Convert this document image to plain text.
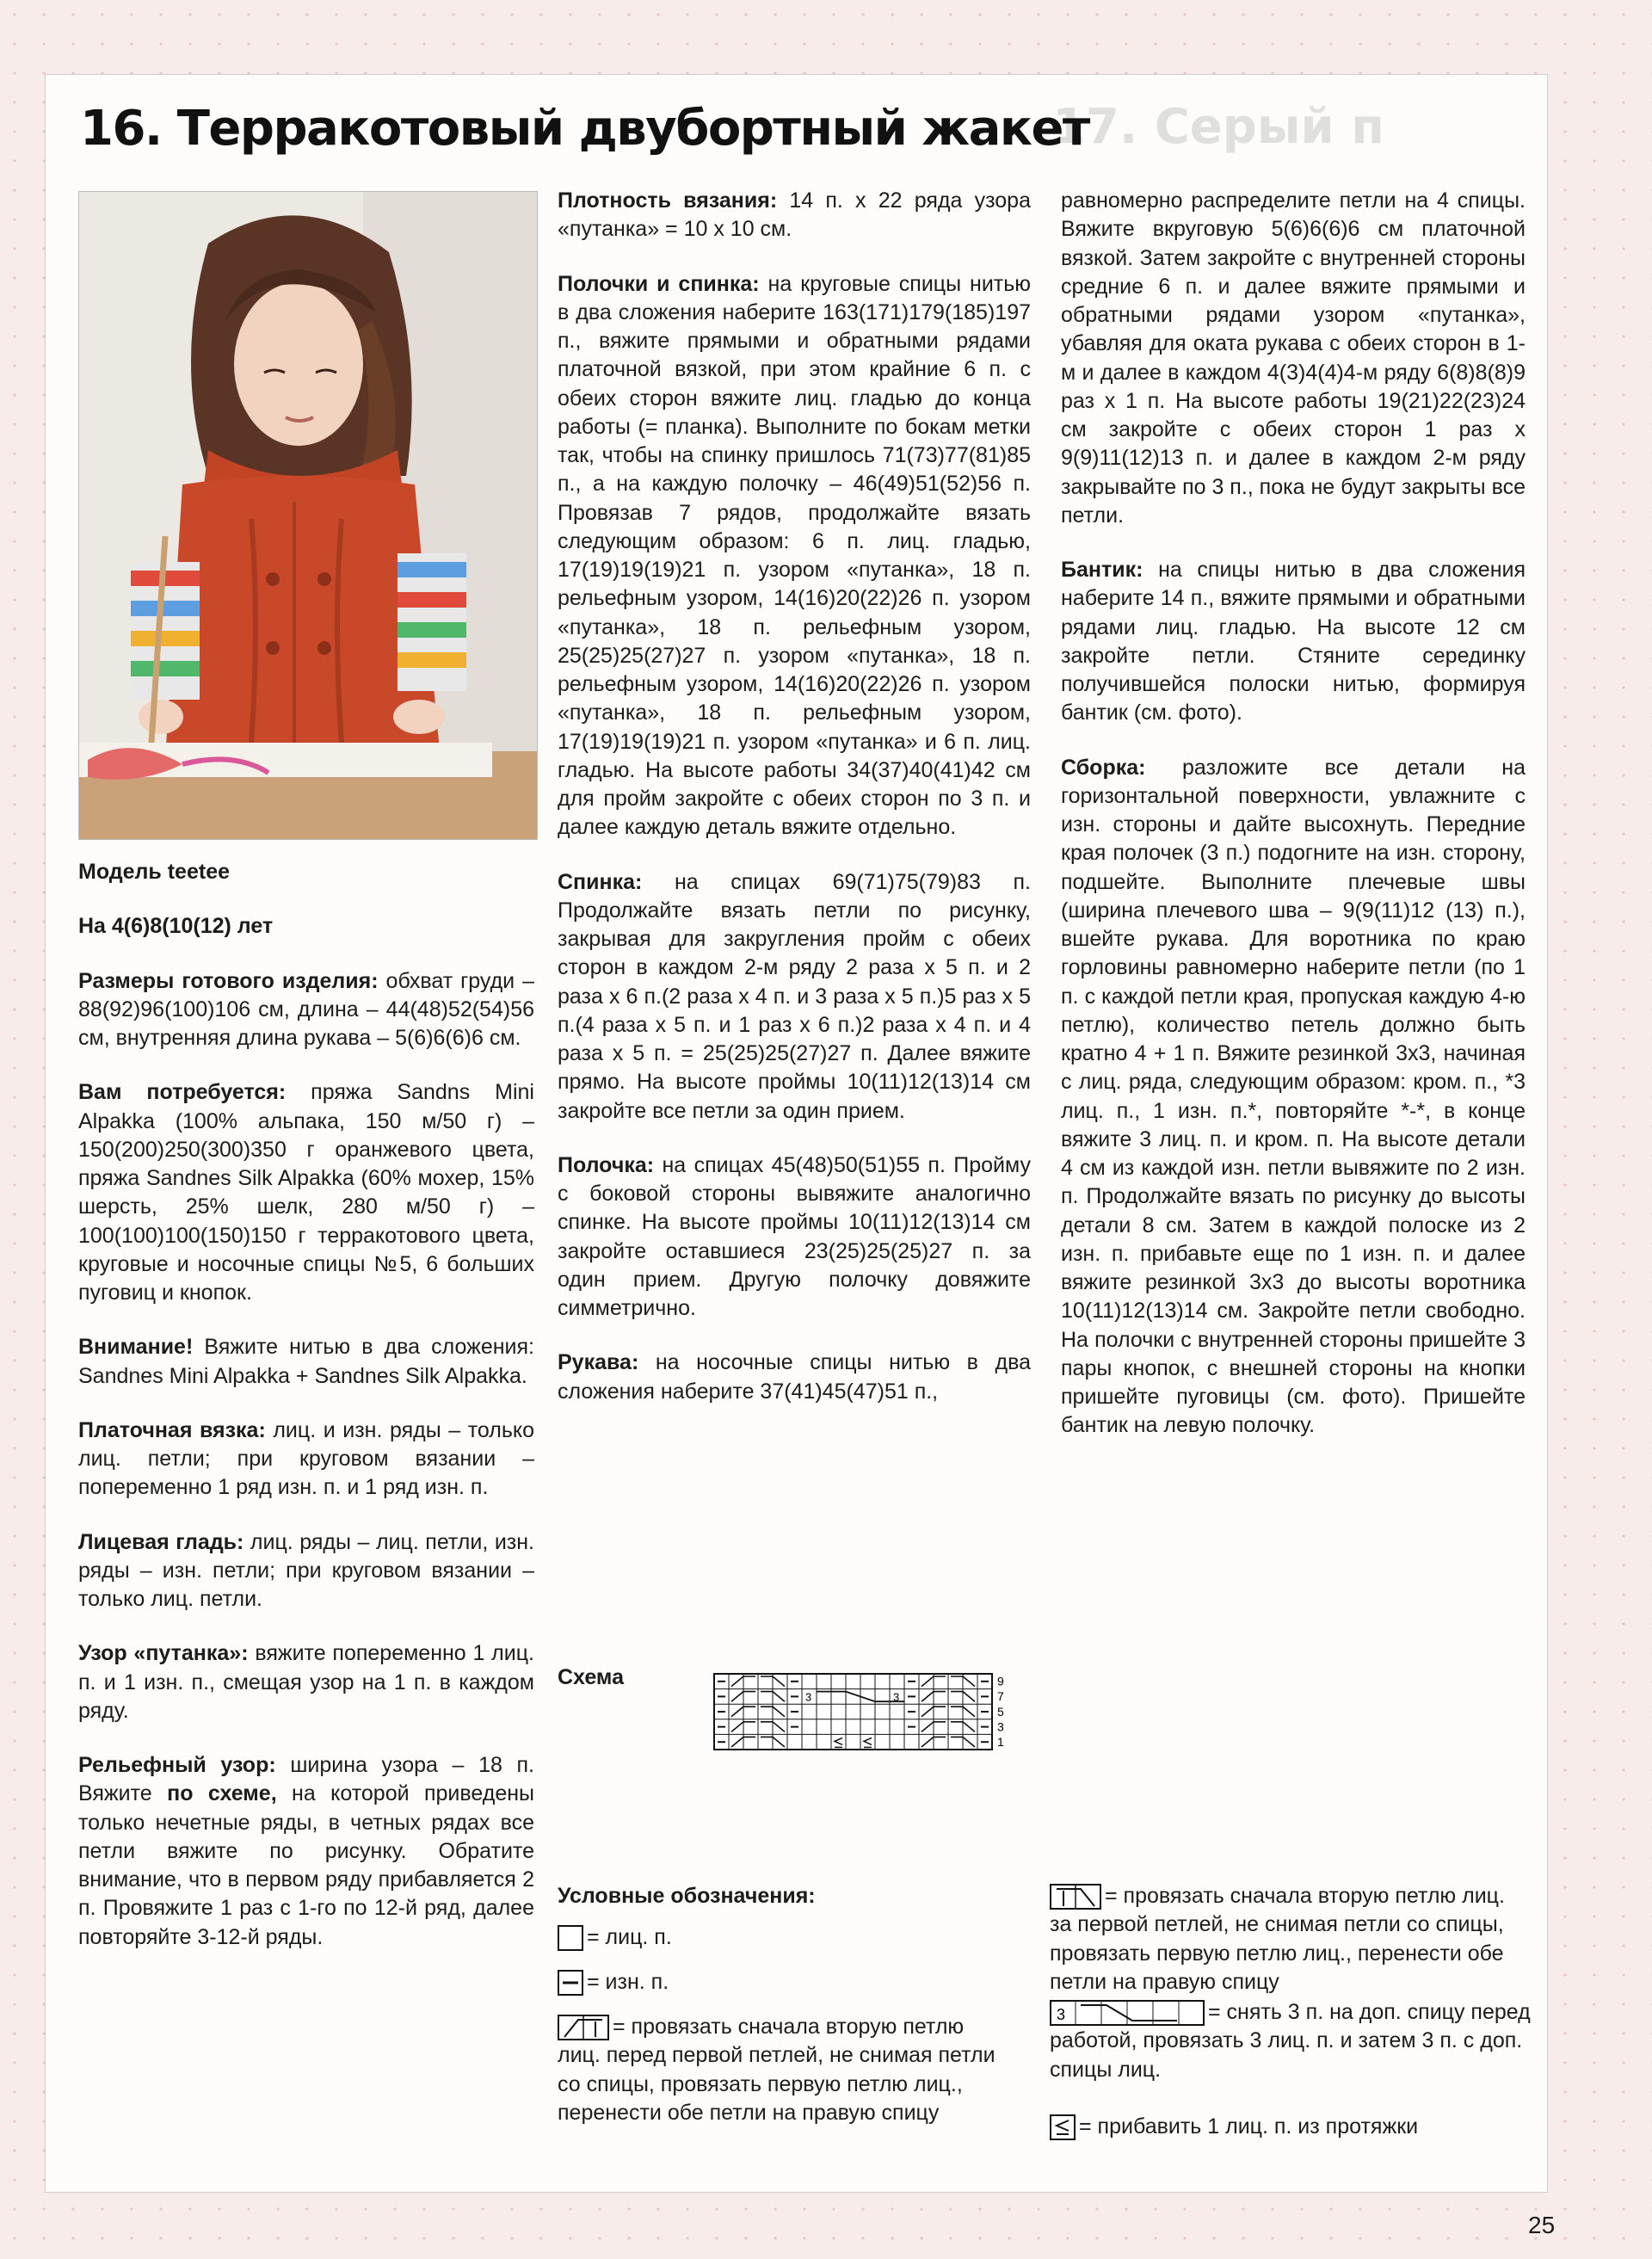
17. Серый п
16. Терракотовый двубортный жакет

Модель teetee

На 4(6)8(10(12) лет

Размеры готового изделия: обхват груди – 88(92)96(100)106 см, длина – 44(48)52(54)56 см, внутренняя длина рукава – 5(6)6(6)6 см.

Вам потребуется: пряжа Sandns Mini Alpakka (100% альпака, 150 м/50 г) – 150(200)250(300)350 г оранжевого цвета, пряжа Sandnes Silk Alpakka (60% мохер, 15% шерсть, 25% шелк, 280 м/50 г) – 100(100)100(150)150 г терракотового цвета, круговые и носочные спицы №5, 6 больших пуговиц и кнопок.

Внимание! Вяжите нитью в два сложения: Sandnes Mini Alpakka + Sandnes Silk Alpakka.

Платочная вязка: лиц. и изн. ряды – только лиц. петли; при круговом вязании – попеременно 1 ряд изн. п. и 1 ряд изн. п.

Лицевая гладь: лиц. ряды – лиц. петли, изн. ряды – изн. петли; при круговом вязании – только лиц. петли.

Узор «путанка»: вяжите попеременно 1 лиц. п. и 1 изн. п., смещая узор на 1 п. в каждом ряду.

Рельефный узор: ширина узора – 18 п. Вяжите по схеме, на которой приведены только нечетные ряды, в четных рядах все петли вяжите по рисунку. Обратите внимание, что в первом ряду прибавляется 2 п. Провяжите 1 раз с 1-го по 12-й ряд, далее повторяйте 3-12-й ряды.

Плотность вязания: 14 п. х 22 ряда узора «путанка» = 10 х 10 см.

Полочки и спинка: на круговые спицы нитью в два сложения наберите 163(171)179(185)197 п., вяжите прямыми и обратными рядами платочной вязкой, при этом крайние 6 п. с обеих сторон вяжите лиц. гладью до конца работы (= планка). Выполните по бокам метки так, чтобы на спинку пришлось 71(73)77(81)85 п., а на каждую полочку – 46(49)51(52)56 п. Провязав 7 рядов, продолжайте вязать следующим образом: 6 п. лиц. гладью, 17(19)19(19)21 п. узором «путанка», 18 п. рельефным узором, 14(16)20(22)26 п. узором «путанка», 18 п. рельефным узором, 25(25)25(27)27 п. узором «путанка», 18 п. рельефным узором, 14(16)20(22)26 п. узором «путанка», 18 п. рельефным узором, 17(19)19(19)21 п. узором «путанка» и 6 п. лиц. гладью. На высоте работы 34(37)40(41)42 см для пройм закройте с обеих сторон по 3 п. и далее каждую деталь вяжите отдельно.

Спинка: на спицах 69(71)75(79)83 п. Продолжайте вязать петли по рисунку, закрывая для закругления пройм с обеих сторон в каждом 2-м ряду 2 раза х 5 п. и 2 раза х 6 п.(2 раза х 4 п. и 3 раза х 5 п.)5 раз х 5 п.(4 раза х 5 п. и 1 раз х 6 п.)2 раза х 4 п. и 4 раза х 5 п. = 25(25)25(27)27 п. Далее вяжите прямо. На высоте проймы 10(11)12(13)14 см закройте все петли за один прием.

Полочка: на спицах 45(48)50(51)55 п. Пройму с боковой стороны вывяжите аналогично спинке. На высоте проймы 10(11)12(13)14 см закройте оставшиеся 23(25)25(25)27 п. за один прием. Другую полочку довяжите симметрично.

Рукава: на носочные спицы нитью в два сложения наберите 37(41)45(47)51 п.,

равномерно распределите петли на 4 спицы. Вяжите вкруговую 5(6)6(6)6 см платочной вязкой. Затем закройте с внутренней стороны средние 6 п. и далее вяжите прямыми и обратными рядами узором «путанка», убавляя для оката рукава с обеих сторон в 1-м и далее в каждом 4(3)4(4)4-м ряду 6(8)8(8)9 раз х 1 п. На высоте работы 19(21)22(23)24 см закройте с обеих сторон 1 раз х 9(9)11(12)13 п. и далее в каждом 2-м ряду закрывайте по 3 п., пока не будут закрыты все петли.

Бантик: на спицы нитью в два сложения наберите 14 п., вяжите прямыми и обратными рядами лиц. гладью. На высоте 12 см закройте петли. Стяните серединку получившейся полоски нитью, формируя бантик (см. фото).

Сборка: разложите все детали на горизонтальной поверхности, увлажните с изн. стороны и дайте высохнуть. Передние края полочек (3 п.) подогните на изн. сторону, подшейте. Выполните плечевые швы (ширина плечевого шва – 9(9(11)12 (13) п.), вшейте рукава. Для воротника по краю горловины равномерно наберите петли (по 1 п. с каждой петли края, пропуская каждую 4-ю петлю), количество петель должно быть кратно 4 + 1 п. Вяжите резинкой 3х3, начиная с лиц. ряда, следующим образом: кром. п., *3 лиц. п., 1 изн. п.*, повторяйте *-*, в конце вяжите 3 лиц. п. и кром. п. На высоте детали 4 см из каждой изн. петли вывяжите по 2 изн. п. Продолжайте вязать по рисунку до высоты детали 8 см. Затем в каждой полоске из 2 изн. п. прибавьте еще по 1 изн. п. и далее вяжите резинкой 3х3 до высоты воротника 10(11)12(13)14 см. Закройте петли свободно. На полочки с внутренней стороны пришейте 3 пары кнопок, с внешней стороны на кнопки пришейте пуговицы (см. фото). Пришейте бантик на левую полочку.

Схема
3	3
9
7
5
3
1
Условные обозначения:
= лиц. п.
= изн. п.
= провязать сначала вторую петлю лиц. перед первой петлей, не снимая петли со спицы, провязать первую петлю лиц., перенести обе петли на правую спицу
= провязать сначала вторую петлю лиц. за первой петлей, не снимая петли со спицы, провязать первую петлю лиц., перенести обе петли на правую спицу
3	= снять 3 п. на доп. спицу перед работой, провязать 3 лиц. п. и затем 3 п. с доп. спицы лиц.
= прибавить 1 лиц. п. из протяжки
25
